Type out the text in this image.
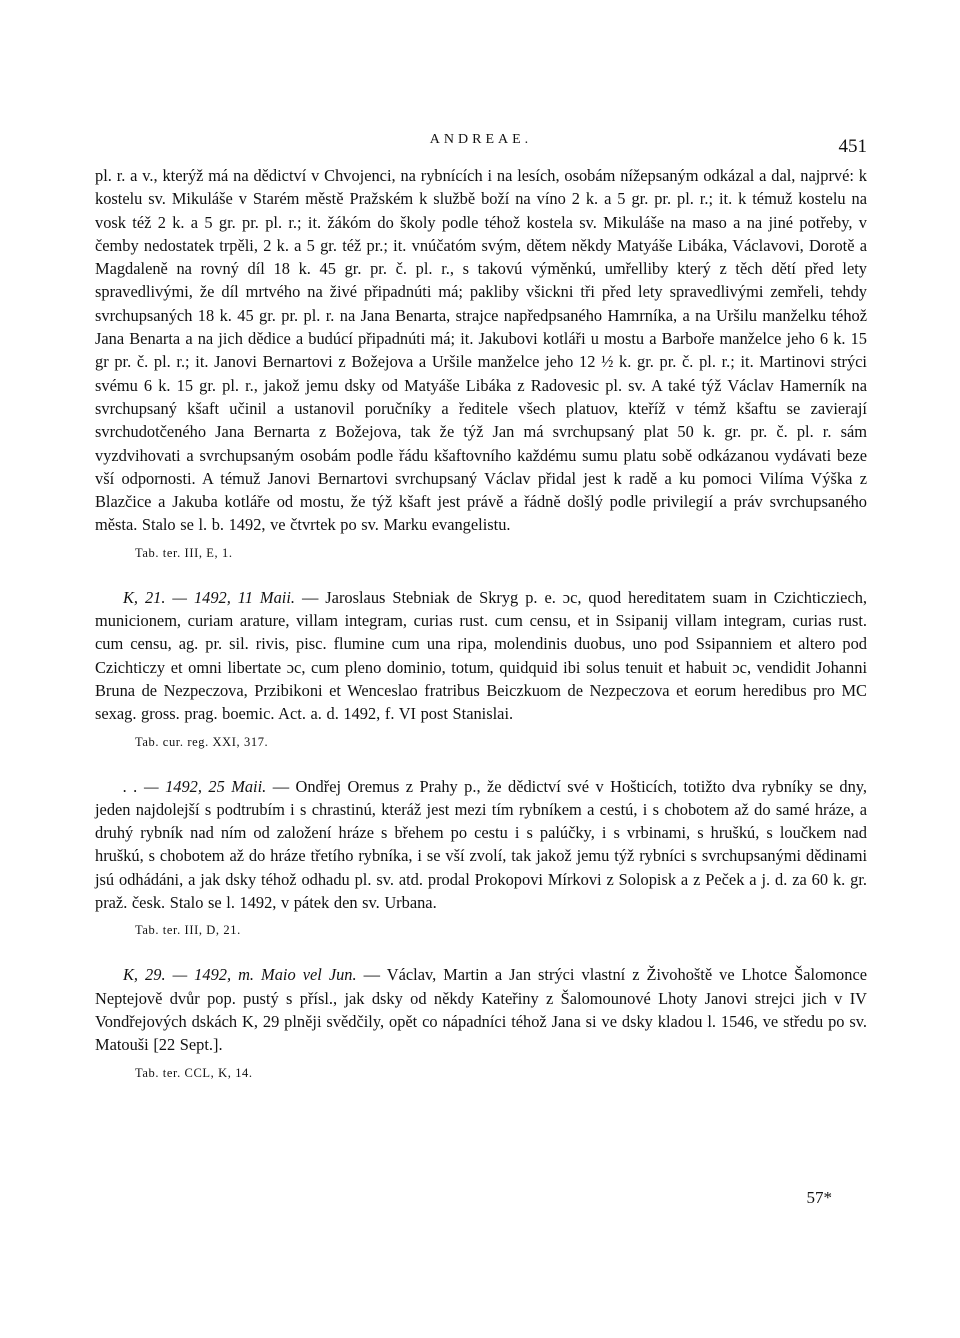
ANDREAE.	451

pl. r. a v., kterýž má na dědictví v Chvojenci, na rybnících i na lesích, osobám nížepsaným odkázal a dal, najprvé: k kostelu sv. Mikuláše v Starém městě Pražském k službě boží na víno 2 k. a 5 gr. pr. pl. r.; it. k témuž kostelu na vosk též 2 k. a 5 gr. pr. pl. r.; it. žákóm do školy podle téhož kostela sv. Mikuláše na maso a na jiné potřeby, v čemby nedostatek trpěli, 2 k. a 5 gr. též pr.; it. vnúčatóm svým, dětem někdy Matyáše Libáka, Václavovi, Dorotě a Magdaleně na rovný díl 18 k. 45 gr. pr. č. pl. r., s takovú výměnkú, umřelliby který z těch dětí před lety spravedlivými, že díl mrtvého na živé připadnúti má; pakliby všickni tři před lety spravedlivými zemřeli, tehdy svrchupsaných 18 k. 45 gr. pr. pl. r. na Jana Benarta, strajce napředpsaného Hamrníka, a na Uršilu manželku téhož Jana Benarta a na jich dědice a budúcí připadnúti má; it. Jakubovi kotláři u mostu a Barboře manželce jeho 6 k. 15 gr pr. č. pl. r.; it. Janovi Bernartovi z Božejova a Uršile manželce jeho 12 ½ k. gr. pr. č. pl. r.; it. Martinovi strýci svému 6 k. 15 gr. pl. r., jakož jemu dsky od Matyáše Libáka z Radovesic pl. sv. A také týž Václav Hamerník na svrchupsaný kšaft učinil a ustanovil poručníky a ředitele všech platuov, kteříž v témž kšaftu se zavierají svrchudotčeného Jana Bernarta z Božejova, tak že týž Jan má svrchupsaný plat 50 k. gr. pr. č. pl. r. sám vyzdvihovati a svrchupsaným osobám podle řádu kšaftovního každému sumu platu sobě odkázanou vydávati beze vší odpornosti. A témuž Janovi Bernartovi svrchupsaný Václav přidal jest k radě a ku pomoci Vilíma Výška z Blazčice a Jakuba kotláře od mostu, že týž kšaft jest právě a řádně došlý podle privilegií a práv svrchupsaného města. Stalo se l. b. 1492, ve čtvrtek po sv. Marku evangelistu.

Tab. ter. III, E, 1.

K, 21. — 1492, 11 Maii. — Jaroslaus Stebniak de Skryg p. e. ɔc, quod hereditatem suam in Czichticziech, municionem, curiam arature, villam integram, curias rust. cum censu, et in Ssipanij villam integram, curias rust. cum censu, ag. pr. sil. rivis, pisc. flumine cum una ripa, molendinis duobus, uno pod Ssipanniem et altero pod Czichticzy et omni libertate ɔc, cum pleno dominio, totum, quidquid ibi solus tenuit et habuit ɔc, vendidit Johanni Bruna de Nezpeczova, Przibikoni et Wenceslao fratribus Beiczkuom de Nezpeczova et eorum heredibus pro MC sexag. gross. prag. boemic. Act. a. d. 1492, f. VI post Stanislai.

Tab. cur. reg. XXI, 317.

. . — 1492, 25 Maii. — Ondřej Oremus z Prahy p., že dědictví své v Hošticích, totižto dva rybníky se dny, jeden najdolejší s podtrubím i s chrastinú, kteráž jest mezi tím rybníkem a cestú, i s chobotem až do samé hráze, a druhý rybník nad ním od založení hráze s břehem po cestu i s palúčky, i s vrbinami, s hruškú, s loučkem nad hruškú, s chobotem až do hráze třetího rybníka, i se vší zvolí, tak jakož jemu týž rybníci s svrchupsanými dědinami jsú odhádáni, a jak dsky téhož odhadu pl. sv. atd. prodal Prokopovi Mírkovi z Solopisk a z Peček a j. d. za 60 k. gr. praž. česk. Stalo se l. 1492, v pátek den sv. Urbana.

Tab. ter. III, D, 21.

K, 29. — 1492, m. Maio vel Jun. — Václav, Martin a Jan strýci vlastní z Živohoště ve Lhotce Šalomonce Neptejově dvůr pop. pustý s přísl., jak dsky od někdy Kateřiny z Šalomounové Lhoty Janovi strejci jich v IV Vondřejových dskách K, 29 plněji svědčily, opět co nápadníci téhož Jana si ve dsky kladou l. 1546, ve středu po sv. Matouši [22 Sept.].

Tab. ter. CCL, K, 14.
57*
